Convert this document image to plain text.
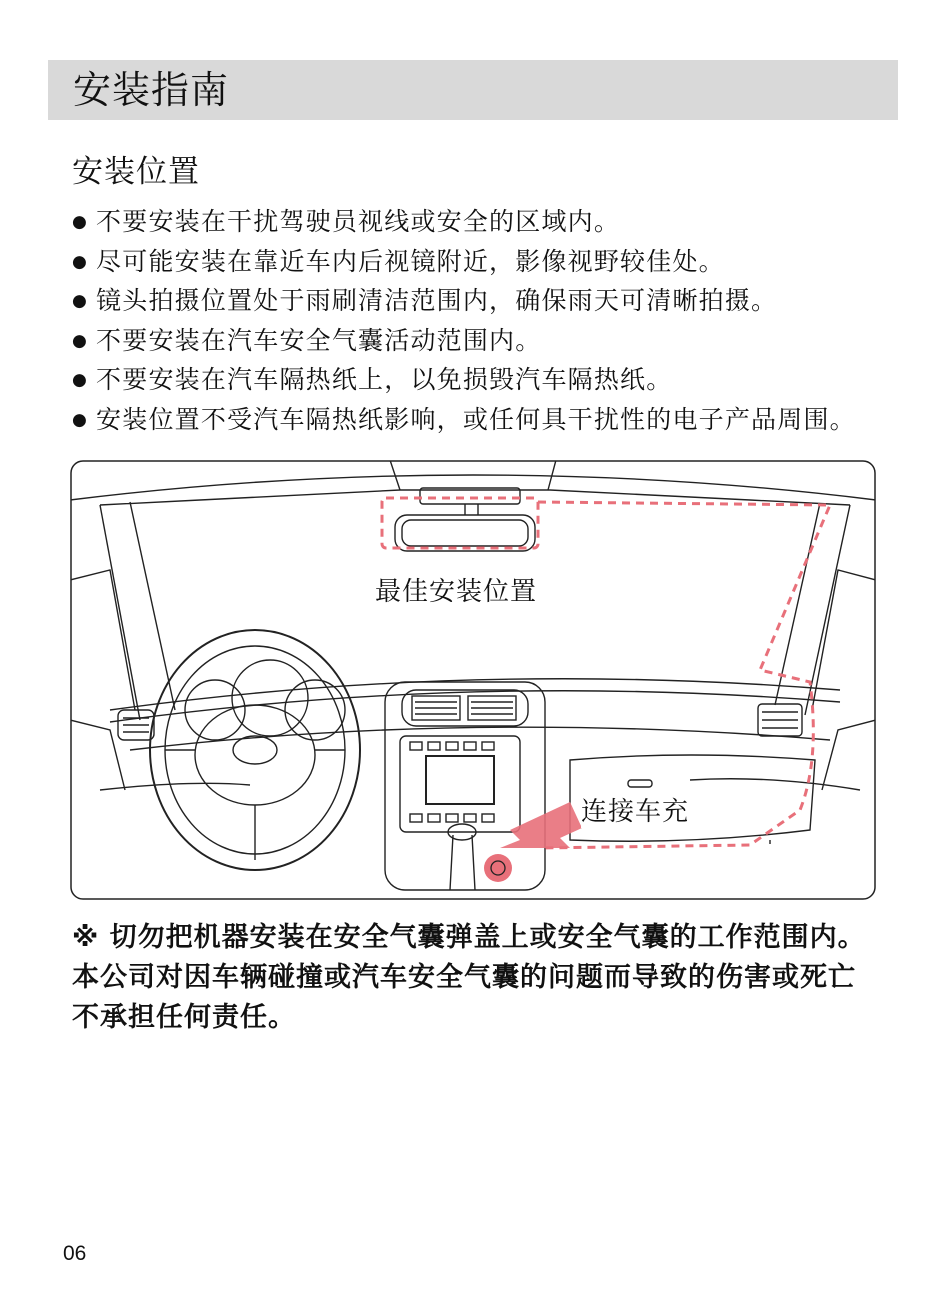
安装指南
安装位置
● 不要安装在干扰驾驶员视线或安全的区域内。
● 尽可能安装在靠近车内后视镜附近，影像视野较佳处。
● 镜头拍摄位置处于雨刷清洁范围内，确保雨天可清晰拍摄。
● 不要安装在汽车安全气囊活动范围内。
● 不要安装在汽车隔热纸上，以免损毁汽车隔热纸。
● 安装位置不受汽车隔热纸影响，或任何具干扰性的电子产品周围。
最佳安装位置
连接车充
※ 切勿把机器安装在安全气囊弹盖上或安全气囊的工作范围内。本公司对因车辆碰撞或汽车安全气囊的问题而导致的伤害或死亡不承担任何责任。
06
